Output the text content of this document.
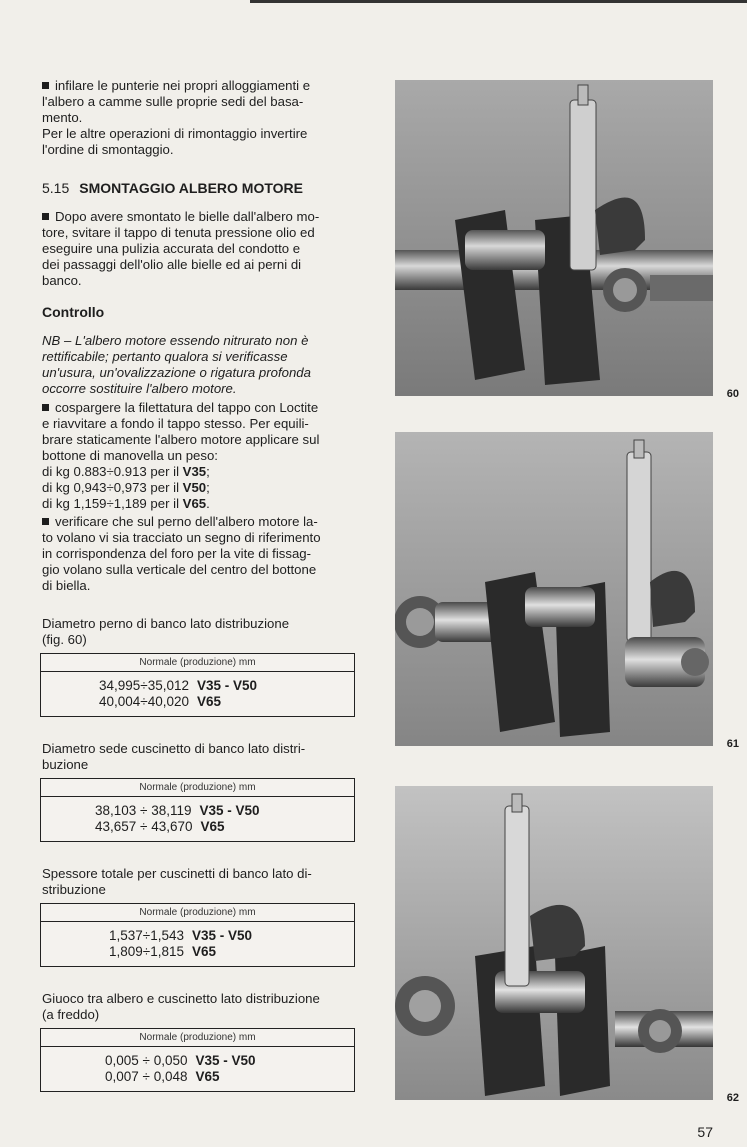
infilare le punterie nei propri alloggiamenti e
l'albero a camme sulle proprie sedi del basa-
mento.
Per le altre operazioni di rimontaggio invertire
l'ordine di smontaggio.
5.15 SMONTAGGIO ALBERO MOTORE
Dopo avere smontato le bielle dall'albero mo-
tore, svitare il tappo di tenuta pressione olio ed
eseguire una pulizia accurata del condotto e
dei passaggi dell'olio alle bielle ed ai perni di
banco.
Controllo
NB – L'albero motore essendo nitrurato non è
rettificabile; pertanto qualora si verificasse
un'usura, un'ovalizzazione o rigatura profonda
occorre sostituire l'albero motore.
cospargere la filettatura del tappo con Loctite
e riavvitare a fondo il tappo stesso. Per equili-
brare staticamente l'albero motore applicare sul
bottone di manovella un peso:
di kg 0.883÷0.913 per il V35;
di kg 0,943÷0,973 per il V50;
di kg 1,159÷1,189 per il V65.
verificare che sul perno dell'albero motore la-
to volano vi sia tracciato un segno di riferimento
in corrispondenza del foro per la vite di fissag-
gio volano sulla verticale del centro del bottone
di biella.
Diametro perno di banco lato distribuzione
(fig. 60)
Normale (produzione) mm
34,995÷35,012 V35 - V50
40,004÷40,020 V65
Diametro sede cuscinetto di banco lato distri-
buzione
Normale (produzione) mm
38,103 ÷ 38,119 V35 - V50
43,657 ÷ 43,670 V65
Spessore totale per cuscinetti di banco lato di-
stribuzione
Normale (produzione) mm
1,537÷1,543 V35 - V50
1,809÷1,815 V65
Giuoco tra albero e cuscinetto lato distribuzione
(a freddo)
Normale (produzione) mm
0,005 ÷ 0,050 V35 - V50
0,007 ÷ 0,048 V65
60
61
62
57
